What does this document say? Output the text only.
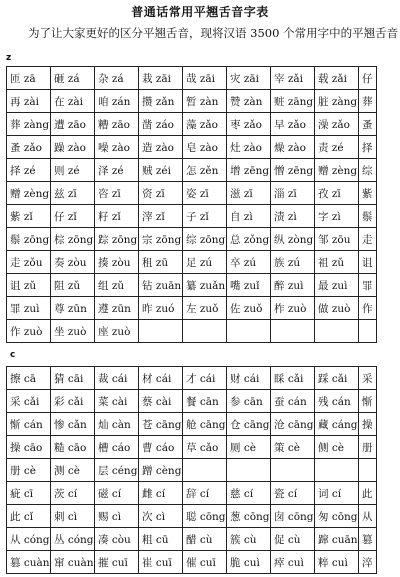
普通话常用平翘舌音字表
为了让大家更好的区分平翘舌音，现将汉语 3500 个常用字中的平翘舌音
z
匝 zā	砸 zá	杂 zá	栽 zāi	哉 zāi	灾 zāi	宰 zǎi	载 zǎi	仔
再 zài	在 zài	咱 zán	攒 zǎn	暂 zàn	赞 zàn	赃 zāng	脏 zàng	葬
葬 zàng	遭 zāo	糟 zāo	凿 záo	藻 zǎo	枣 zǎo	早 zǎo	澡 zǎo	蚤
蚤 zǎo	躁 zào	噪 zào	造 zào	皂 zào	灶 zào	燥 zào	责 zé	择
择 zé	则 zé	泽 zé	贼 zéi	怎 zěn	增 zēng	憎 zēng	赠 zèng	综
赠 zèng	兹 zī	咨 zī	资 zī	姿 zī	滋 zī	淄 zī	孜 zī	紫
紫 zǐ	仔 zǐ	籽 zǐ	滓 zǐ	子 zǐ	自 zì	渍 zì	字 zì	鬃
鬃 zōng	棕 zōng	踪 zōng	宗 zōng	综 zōng	总 zǒng	纵 zòng	邹 zōu	走
走 zǒu	奏 zòu	揍 zòu	租 zū	足 zú	卒 zú	族 zú	祖 zǔ	诅
诅 zǔ	阻 zǔ	组 zǔ	钻 zuān	纂 zuǎn	嘴 zuǐ	醉 zuì	最 zuì	罪
罪 zuì	尊 zūn	遵 zūn	昨 zuó	左 zuǒ	佐 zuǒ	柞 zuò	做 zuò	作
作 zuò	坐 zuò	座 zuò						
c
擦 cā	猜 cāi	裁 cái	材 cái	才 cái	财 cái	睬 cǎi	踩 cǎi	采
采 cǎi	彩 cǎi	菜 cài	蔡 cài	餐 cān	参 cān	蚕 cán	残 cán	惭
惭 cán	惨 cǎn	灿 càn	苍 cāng	舱 cāng	仓 cāng	沧 cāng	藏 cáng	操
操 cāo	糙 cāo	槽 cáo	曹 cáo	草 cǎo	厕 cè	策 cè	侧 cè	册
册 cè	测 cè	层 céng	蹭 cèng					
疵 cī	茨 cí	磁 cí	雌 cí	辞 cí	慈 cí	瓷 cí	词 cí	此
此 cǐ	刺 cì	赐 cì	次 cì	聪 cōng	葱 cōng	囱 cōng	匆 cōng	从
从 cóng	丛 cóng	凑 còu	粗 cū	醋 cù	簇 cù	促 cù	蹿 cuān	篡
篡 cuàn	窜 cuàn	摧 cuī	崔 cuī	催 cuī	脆 cuì	瘁 cuì	粹 cuì	淬
